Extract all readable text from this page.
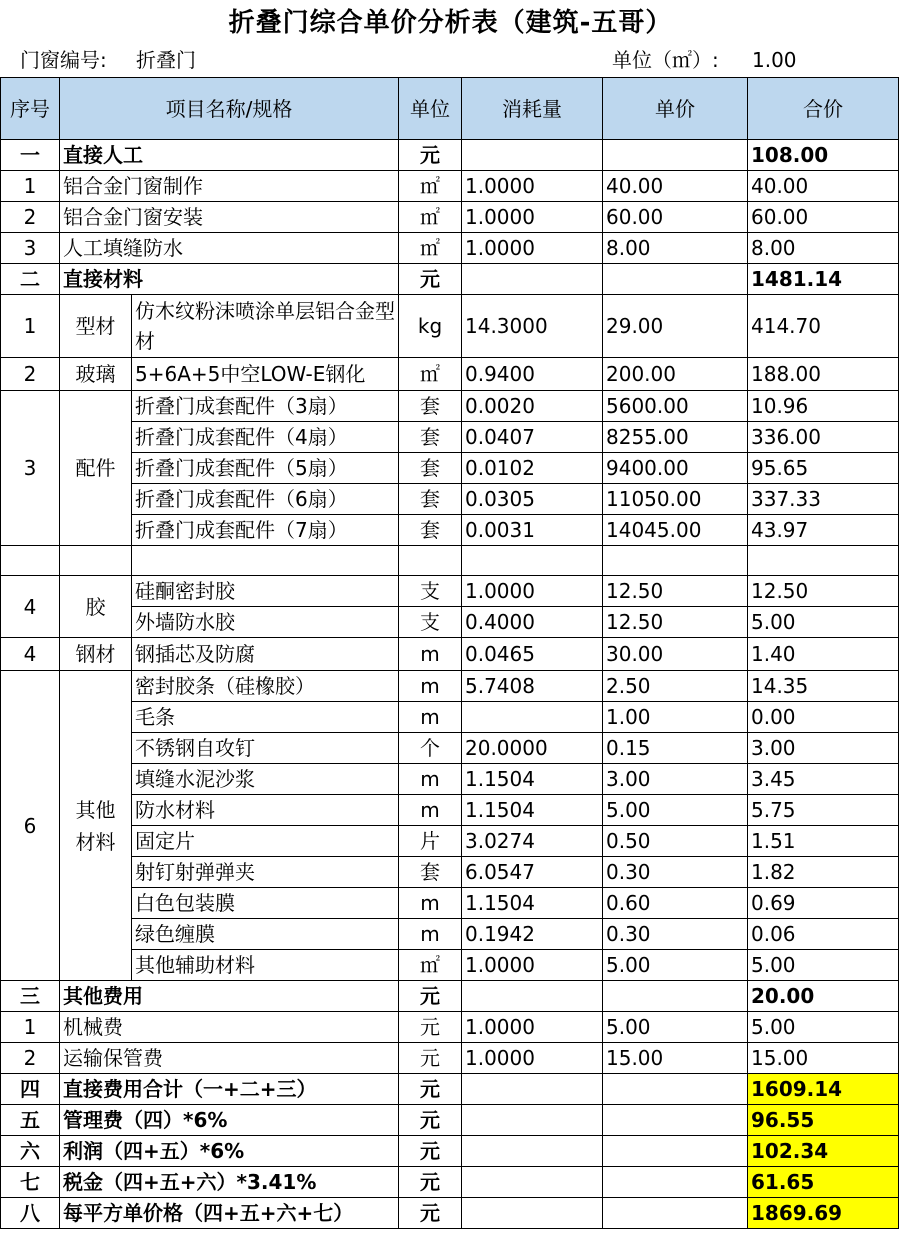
折叠门综合单价分析表（建筑-五哥）
门窗编号: 折叠门	单位（㎡）: 1.00
序号	项目名称/规格		单位	消耗量	单价	合价
一	直接人工		元			108.00
1	铝合金门窗制作		㎡	1.0000	40.00	40.00
2	铝合金门窗安装		㎡	1.0000	60.00	60.00
3	人工填缝防水		㎡	1.0000	8.00	8.00
二	直接材料		元			1481.14
1	型材	仿木纹粉沫喷涂单层铝合金型材	kg	14.3000	29.00	414.70
2	玻璃	5+6A+5中空LOW-E钢化	㎡	0.9400	200.00	188.00
3	配件	折叠门成套配件（3扇）	套	0.0020	5600.00	10.96
		折叠门成套配件（4扇）	套	0.0407	8255.00	336.00
		折叠门成套配件（5扇）	套	0.0102	9400.00	95.65
		折叠门成套配件（6扇）	套	0.0305	11050.00	337.33
		折叠门成套配件（7扇）	套	0.0031	14045.00	43.97

4	胶	硅酮密封胶	支	1.0000	12.50	12.50
		外墙防水胶	支	0.4000	12.50	5.00
4	钢材	钢插芯及防腐	m	0.0465	30.00	1.40
6	其他材料	密封胶条（硅橡胶）	m	5.7408	2.50	14.35
		毛条	m		1.00	0.00
		不锈钢自攻钉	个	20.0000	0.15	3.00
		填缝水泥沙浆	m	1.1504	3.00	3.45
		防水材料	m	1.1504	5.00	5.75
		固定片	片	3.0274	0.50	1.51
		射钉射弹弹夹	套	6.0547	0.30	1.82
		白色包装膜	m	1.1504	0.60	0.69
		绿色缠膜	m	0.1942	0.30	0.06
		其他辅助材料	㎡	1.0000	5.00	5.00
三	其他费用		元			20.00
1	机械费		元	1.0000	5.00	5.00
2	运输保管费		元	1.0000	15.00	15.00
四	直接费用合计（一+二+三）		元			1609.14
五	管理费（四）*6%		元			96.55
六	利润（四+五）*6%		元			102.34
七	税金（四+五+六）*3.41%		元			61.65
八	每平方单价格（四+五+六+七）		元			1869.69
